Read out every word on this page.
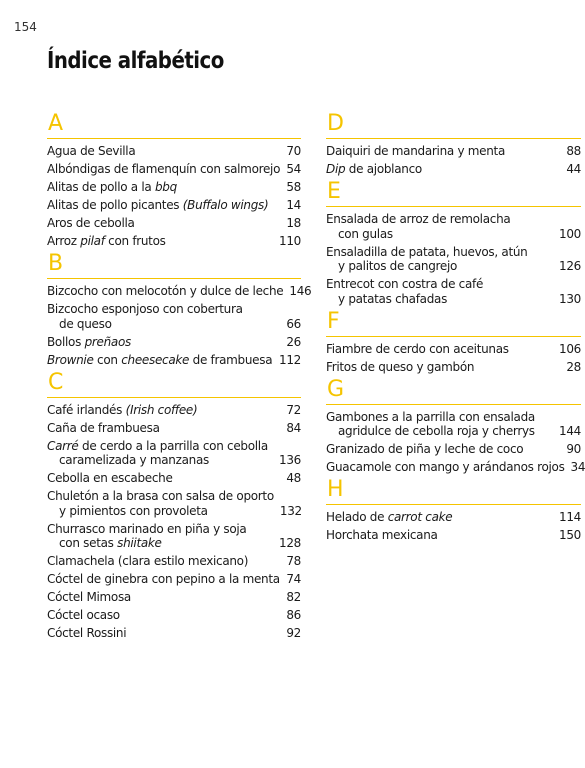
154
Índice alfabético
A
Agua de Sevilla	70
Albóndigas de flamenquín con salmorejo 54
Alitas de pollo a la bbq	58
Alitas de pollo picantes (Buffalo wings)	14
Aros de cebolla	18
Arroz pilaf con frutos	110
B
Bizcocho con melocotón y dulce de leche 146
Bizcocho esponjoso con cobertura
de queso	66
Bollos preñaos	26
Brownie con cheesecake de frambuesa 112
C
Café irlandés (Irish coffee)	72
Caña de frambuesa	84
Carré de cerdo a la parrilla con cebolla
caramelizada y manzanas	136
Cebolla en escabeche	48
Chuletón a la brasa con salsa de oporto
y pimientos con provoleta	132
Churrasco marinado en piña y soja
con setas shiitake	128
Clamachela (clara estilo mexicano)	78
Cóctel de ginebra con pepino a la menta 74
Cóctel Mimosa	82
Cóctel ocaso	86
Cóctel Rossini	92
D
Daiquiri de mandarina y menta	88
Dip de ajoblanco	44
E
Ensalada de arroz de remolacha
con gulas	100
Ensaladilla de patata, huevos, atún
y palitos de cangrejo	126
Entrecot con costra de café
y patatas chafadas	130
F
Fiambre de cerdo con aceitunas	106
Fritos de queso y gambón	28
G
Gambones a la parrilla con ensalada
agridulce de cebolla roja y cherrys	144
Granizado de piña y leche de coco	90
Guacamole con mango y arándanos rojos 34
H
Helado de carrot cake	114
Horchata mexicana	150
